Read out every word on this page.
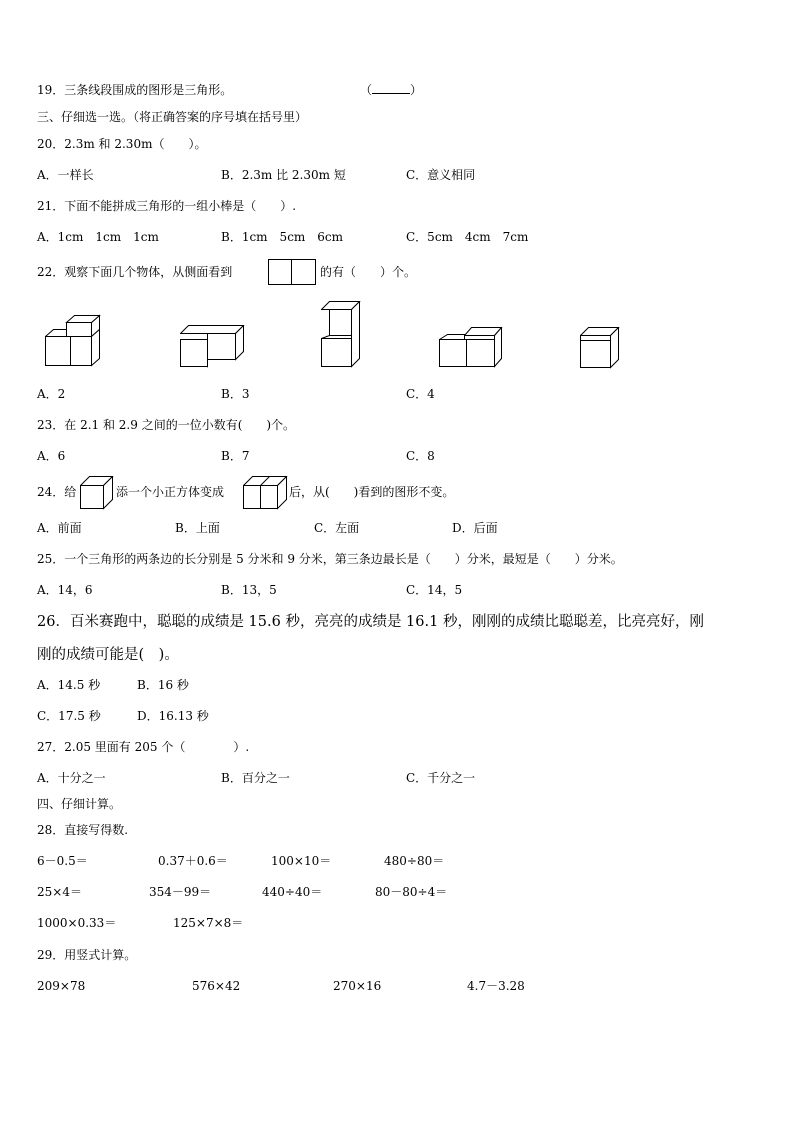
19．三条线段围成的图形是三角形。	（	）
三、仔细选一选。（将正确答案的序号填在括号里）
20．2.3m 和 2.30m（　　）。
A．一样长	B．2.3m 比 2.30m 短	C．意义相同
21．下面不能拼成三角形的一组小棒是（　　）.
A．1cm　1cm　1cm	B．1cm　5cm　6cm	C．5cm　4cm　7cm
22．观察下面几个物体，从侧面看到	的有（　　）个。
A．2	B．3	C．4
23．在 2.1 和 2.9 之间的一位小数有(　　)个。
A．6	B．7	C．8
24．给	添一个小正方体变成	后，从(　　)看到的图形不变。
A．前面	B．上面	C．左面	D．后面
25．一个三角形的两条边的长分别是 5 分米和 9 分米，第三条边最长是（　　）分米，最短是（　　）分米。
A．14，6	B．13，5	C．14，5
26．百米赛跑中，聪聪的成绩是 15.6 秒，亮亮的成绩是 16.1 秒，刚刚的成绩比聪聪差，比亮亮好，刚
刚的成绩可能是(　)。
A．14.5 秒	B．16 秒
C．17.5 秒	D．16.13 秒
27．2.05 里面有 205 个（　　　　）.
A．十分之一	B．百分之一	C．千分之一
四、仔细计算。
28．直接写得数.
6－0.5＝	0.37＋0.6＝	100×10＝	480÷80＝
25×4＝	354－99＝	440÷40＝	80－80÷4＝
1000×0.33＝	125×7×8＝
29．用竖式计算。
209×78	576×42	270×16	4.7－3.28
